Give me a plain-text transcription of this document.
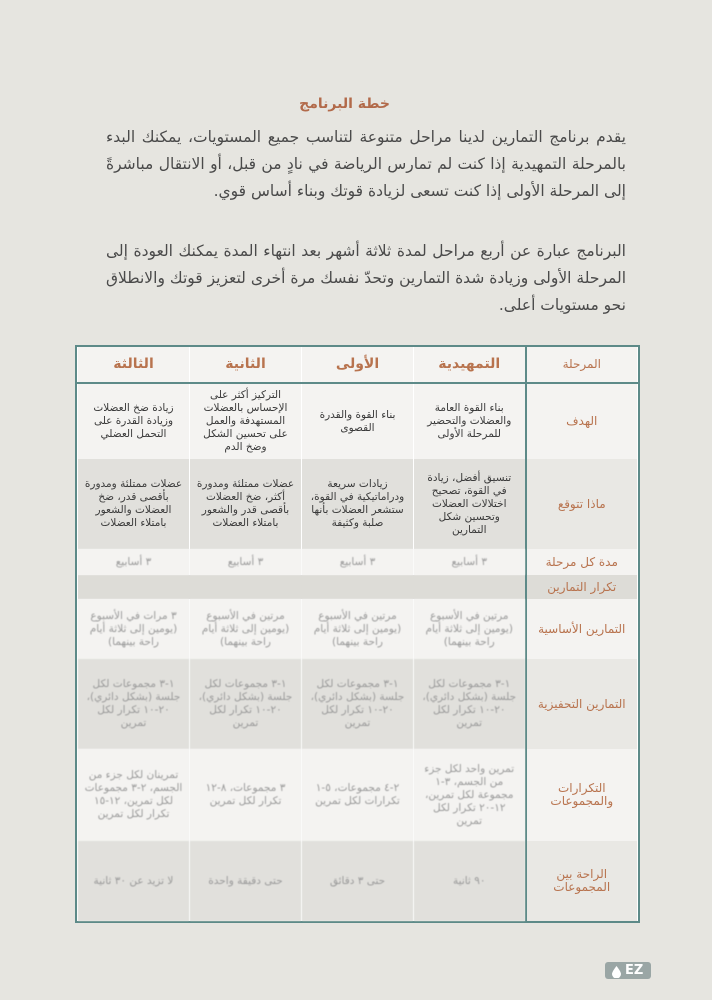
خطة البرنامج
يقدم برنامج التمارين لدينا مراحل متنوعة لتناسب جميع المستويات، يمكنك البدء بالمرحلة التمهيدية إذا كنت لم تمارس الرياضة في نادٍ من قبل، أو الانتقال مباشرةً إلى المرحلة الأولى إذا كنت تسعى لزيادة قوتك وبناء أساس قوي.
البرنامج عبارة عن أربع مراحل لمدة ثلاثة أشهر بعد انتهاء المدة يمكنك العودة إلى المرحلة الأولى وزيادة شدة التمارين وتحدّ نفسك مرة أخرى لتعزيز قوتك والانطلاق نحو مستويات أعلى.
المرحلة	التمهيدية	الأولى	الثانية	الثالثة
الهدف	بناء القوة العامة والعضلات والتحضير للمرحلة الأولى	بناء القوة والقدرة القصوى	التركيز أكثر على الإحساس بالعضلات المستهدفة والعمل على تحسين الشكل وضخ الدم	زيادة ضخ العضلات وزيادة القدرة على التحمل العضلي
ماذا تتوقع	تنسيق أفضل، زيادة في القوة، تصحيح اختلالات العضلات وتحسين شكل التمارين	زيادات سريعة ودراماتيكية في القوة، ستشعر العضلات بأنها صلبة وكثيفة	عضلات ممتلئة ومدورة أكثر، ضخ العضلات بأقصى قدر والشعور بامتلاء العضلات	عضلات ممتلئة ومدورة بأقصى قدر، ضخ العضلات والشعور بامتلاء العضلات
مدة كل مرحلة	٣ أسابيع	٣ أسابيع	٣ أسابيع	٣ أسابيع
تكرار التمارين				
التمارين الأساسية	مرتين في الأسبوع (يومين إلى ثلاثة أيام راحة بينهما)	مرتين في الأسبوع (يومين إلى ثلاثة أيام راحة بينهما)	مرتين في الأسبوع (يومين إلى ثلاثة أيام راحة بينهما)	٣ مرات في الأسبوع (يومين إلى ثلاثة أيام راحة بينهما)
التمارين التحفيزية	١-٣ مجموعات لكل جلسة (بشكل دائري)، ٢٠-١٠ تكرار لكل تمرين	١-٣ مجموعات لكل جلسة (بشكل دائري)، ٢٠-١٠ تكرار لكل تمرين	١-٣ مجموعات لكل جلسة (بشكل دائري)، ٢٠-١٠ تكرار لكل تمرين	١-٣ مجموعات لكل جلسة (بشكل دائري)، ٢٠-١٠ تكرار لكل تمرين
التكرارات والمجموعات	تمرين واحد لكل جزء من الجسم، ٣-١ مجموعة لكل تمرين، ١٢-٢٠ تكرار لكل تمرين	٢-٤ مجموعات، ٥-١ تكرارات لكل تمرين	٣ مجموعات، ٨-١٢ تكرار لكل تمرين	تمرينان لكل جزء من الجسم، ٢-٣ مجموعات لكل تمرين، ١٢-١٥ تكرار لكل تمرين
الراحة بين المجموعات	٩٠ ثانية	حتى ٣ دقائق	حتى دقيقة واحدة	لا تزيد عن ٣٠ ثانية
EZ
